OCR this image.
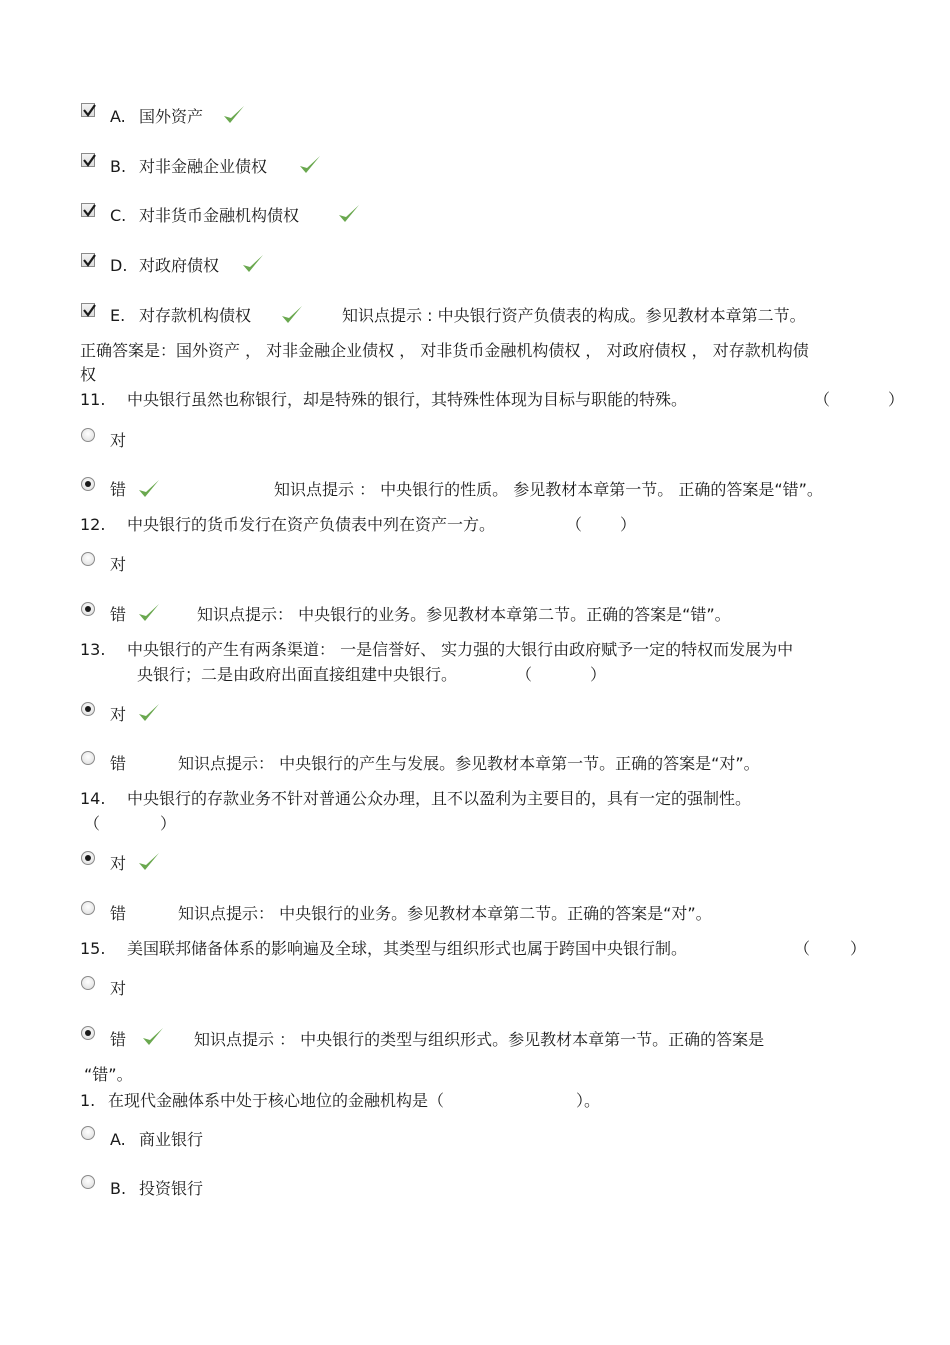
A. 国外资产
B. 对非金融企业债权
C. 对非货币金融机构债权
D. 对政府债权
E. 对存款机构债权	知识点提示 : 中央银行资产负债表的构成。参见教材本章第二节。
正确答案是：国外资产 ， 对非金融企业债权 ， 对非货币金融机构债权 ， 对政府债权 ， 对存款机构债
权
11. 中央银行虽然也称银行，却是特殊的银行，其特殊性体现为目标与职能的特殊。	（	）
对
错	知识点提示 ： 中央银行的性质。 参见教材本章第一节。 正确的答案是“错”。
12. 中央银行的货币发行在资产负债表中列在资产一方。	（ ）
对
错	知识点提示： 中央银行的业务。参见教材本章第二节。正确的答案是“错”。
13. 中央银行的产生有两条渠道： 一是信誉好、 实力强的大银行由政府赋予一定的特权而发展为中
央银行；二是由政府出面直接组建中央银行。	（	）
对
错	知识点提示： 中央银行的产生与发展。参见教材本章第一节。正确的答案是“对”。
14. 中央银行的存款业务不针对普通公众办理，且不以盈利为主要目的，具有一定的强制性。
（	）
对
错	知识点提示： 中央银行的业务。参见教材本章第二节。正确的答案是“对”。
15. 美国联邦储备体系的影响遍及全球，其类型与组织形式也属于跨国中央银行制。	（ ）
对
错	知识点提示 ： 中央银行的类型与组织形式。参见教材本章第一节。正确的答案是
“错”。
1. 在现代金融体系中处于核心地位的金融机构是（	）。
A. 商业银行
B. 投资银行
